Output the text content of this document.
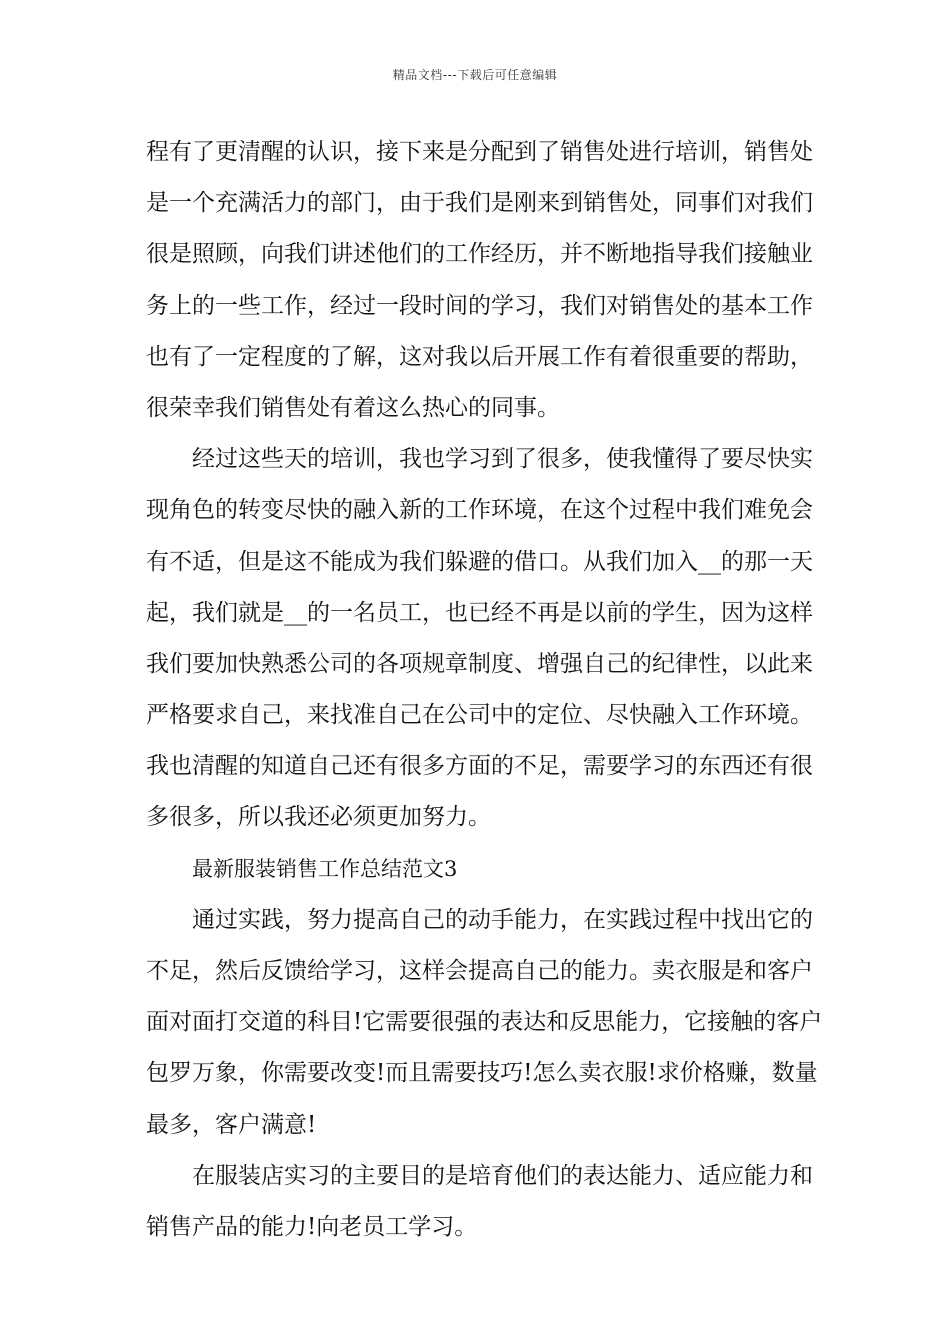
精品文档---下载后可任意编辑
程有了更清醒的认识，接下来是分配到了销售处进行培训，销售处
是一个充满活力的部门，由于我们是刚来到销售处，同事们对我们
很是照顾，向我们讲述他们的工作经历，并不断地指导我们接触业
务上的一些工作，经过一段时间的学习，我们对销售处的基本工作
也有了一定程度的了解，这对我以后开展工作有着很重要的帮助，
很荣幸我们销售处有着这么热心的同事。
经过这些天的培训，我也学习到了很多，使我懂得了要尽快实
现角色的转变尽快的融入新的工作环境，在这个过程中我们难免会
有不适，但是这不能成为我们躲避的借口。从我们加入__的那一天
起，我们就是__的一名员工，也已经不再是以前的学生，因为这样
我们要加快熟悉公司的各项规章制度、增强自己的纪律性，以此来
严格要求自己，来找准自己在公司中的定位、尽快融入工作环境。
我也清醒的知道自己还有很多方面的不足，需要学习的东西还有很
多很多，所以我还必须更加努力。
最新服装销售工作总结范文3
通过实践，努力提高自己的动手能力，在实践过程中找出它的
不足，然后反馈给学习，这样会提高自己的能力。卖衣服是和客户
面对面打交道的科目!它需要很强的表达和反思能力，它接触的客户
包罗万象，你需要改变!而且需要技巧!怎么卖衣服!求价格赚，数量
最多，客户满意!
在服装店实习的主要目的是培育他们的表达能力、适应能力和
销售产品的能力!向老员工学习。
